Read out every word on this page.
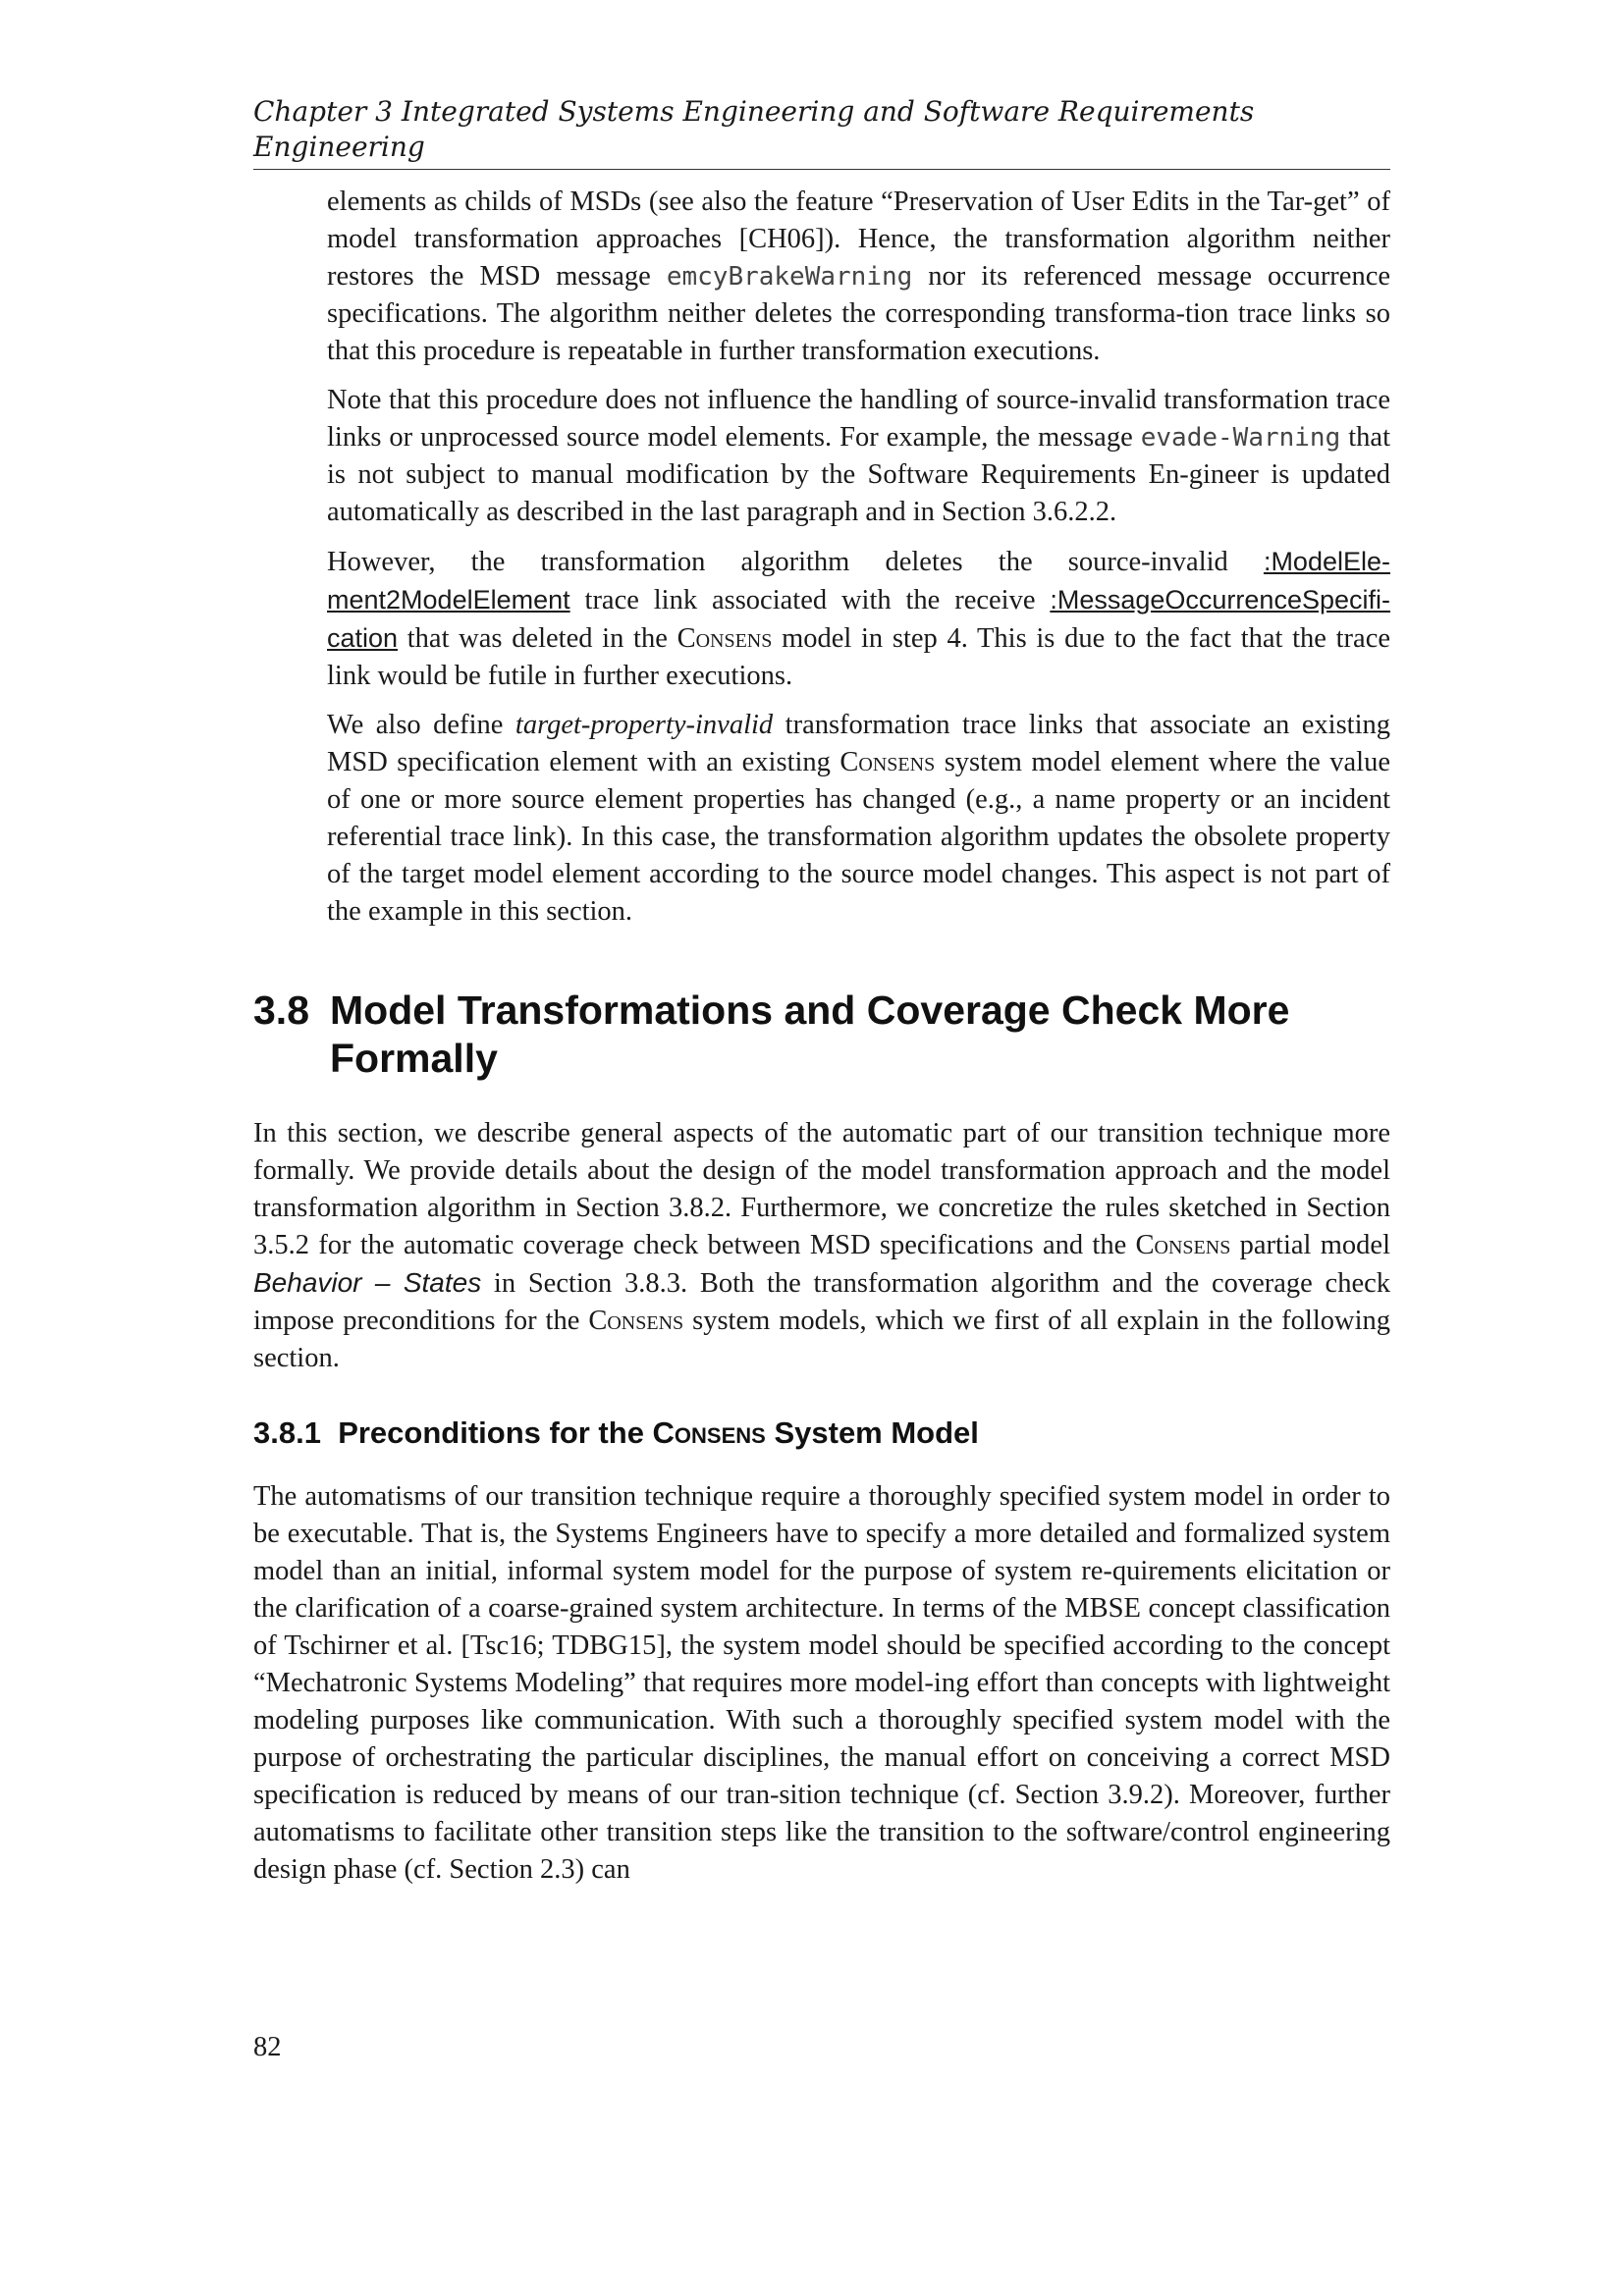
Chapter 3 Integrated Systems Engineering and Software Requirements Engineering

elements as childs of MSDs (see also the feature “Preservation of User Edits in the Tar-get” of model transformation approaches [CH06]). Hence, the transformation algorithm neither restores the MSD message emcyBrakeWarning nor its referenced message occurrence specifications. The algorithm neither deletes the corresponding transforma-tion trace links so that this procedure is repeatable in further transformation executions.

Note that this procedure does not influence the handling of source-invalid transformation trace links or unprocessed source model elements. For example, the message evade-Warning that is not subject to manual modification by the Software Requirements En-gineer is updated automatically as described in the last paragraph and in Section 3.6.2.2.

However, the transformation algorithm deletes the source-invalid :ModelEle-ment2ModelElement trace link associated with the receive :MessageOccurrenceSpecifi-cation that was deleted in the Consens model in step 4. This is due to the fact that the trace link would be futile in further executions.

We also define target-property-invalid transformation trace links that associate an existing MSD specification element with an existing Consens system model element where the value of one or more source element properties has changed (e.g., a name property or an incident referential trace link). In this case, the transformation algorithm updates the obsolete property of the target model element according to the source model changes. This aspect is not part of the example in this section.

3.8 Model Transformations and Coverage Check More Formally

In this section, we describe general aspects of the automatic part of our transition technique more formally. We provide details about the design of the model transformation approach and the model transformation algorithm in Section 3.8.2. Furthermore, we concretize the rules sketched in Section 3.5.2 for the automatic coverage check between MSD specifications and the Consens partial model Behavior – States in Section 3.8.3. Both the transformation algorithm and the coverage check impose preconditions for the Consens system models, which we first of all explain in the following section.

3.8.1 Preconditions for the Consens System Model

The automatisms of our transition technique require a thoroughly specified system model in order to be executable. That is, the Systems Engineers have to specify a more detailed and formalized system model than an initial, informal system model for the purpose of system re-quirements elicitation or the clarification of a coarse-grained system architecture. In terms of the MBSE concept classification of Tschirner et al. [Tsc16; TDBG15], the system model should be specified according to the concept “Mechatronic Systems Modeling” that requires more model-ing effort than concepts with lightweight modeling purposes like communication. With such a thoroughly specified system model with the purpose of orchestrating the particular disciplines, the manual effort on conceiving a correct MSD specification is reduced by means of our tran-sition technique (cf. Section 3.9.2). Moreover, further automatisms to facilitate other transition steps like the transition to the software/control engineering design phase (cf. Section 2.3) can

82
